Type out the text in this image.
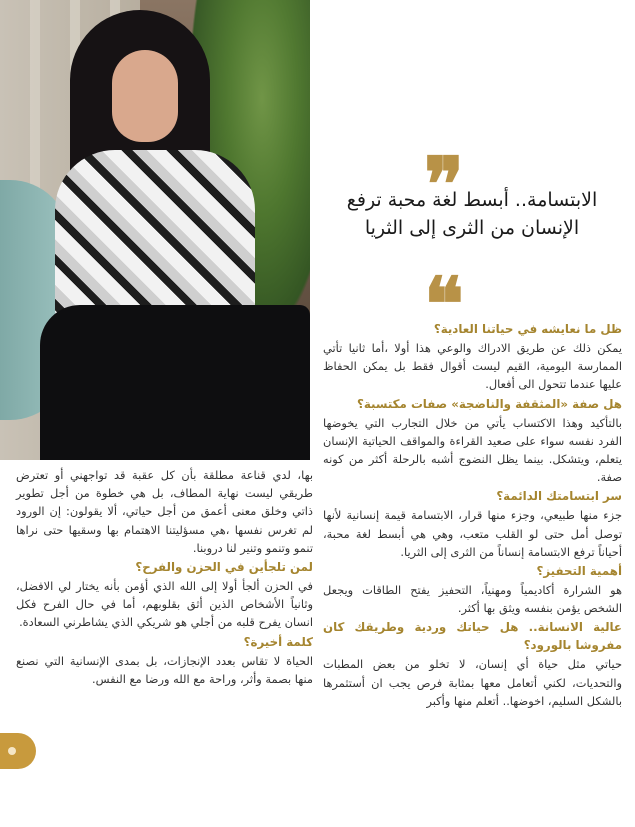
❞
الابتسامة.. أبسط لغة محبة ترفع الإنسان من الثرى إلى الثريا
❝
ظل ما نعايشه في حياتنا العادية؟

يمكن ذلك عن طريق الادراك والوعي هذا أولا ،أما ثانيا تأتي الممارسة اليومية، القيم ليست أقوال فقط بل يمكن الحفاظ عليها عندما تتحول الى أفعال.

هل صفة «المثقفة والناضجة» صفات مكتسبة؟

بالتأكيد وهذا الاكتساب يأتي من خلال التجارب التي يخوضها الفرد نفسه سواء على صعيد القراءة والمواقف الحياتية الإنسان يتعلم، ويتشكل. بينما يظل النضوج أشبه بالرحلة أكثر من كونه صفة.

سر ابتسامتك الدائمة؟

جزء منها طبيعي، وجزء منها قرار، الابتسامة قيمة إنسانية لأنها توصل أمل حتى لو القلب متعب، وهي هي أبسط لغة محبة، أحياناً ترفع الابتسامة إنساناً من الثرى إلى الثريا.

أهمية التحفيز؟

هو الشرارة أكاديمياً ومهنياً، التحفيز يفتح الطاقات ويجعل الشخص يؤمن بنفسه ويثق بها أكثر.

عالية الانسانة.. هل حياتك وردية وطريقك كان مفروشا بالورود؟

حياتي مثل حياة أي إنسان، لا تخلو من بعض المطبات والتحديات، لكني أتعامل معها بمثابة فرص يجب ان أستثمرها بالشكل السليم، اخوضها.. أتعلم منها وأكبر

بها، لدي قناعة مطلقة بأن كل عقبة قد تواجهني أو تعترض طريقي ليست نهاية المطاف، بل هي خطوة من أجل تطوير ذاتي وخلق معنى أعمق من أجل حياتي، ألا يقولون: إن الورود لم تغرس نفسها ،هي مسؤليتنا الاهتمام بها وسقيها حتى نراها تنمو وتنمو وتنير لنا دروبنا.

لمن تلجأين في الحزن والفرح؟

في الحزن ألجأ أولا إلى الله الذي أؤمن بأنه يختار لي الافضل، وثانياً الأشخاص الذين أثق بقلوبهم، أما في حال الفرح فكل انسان يفرح قلبه من أجلي هو شريكي الذي يشاطرني السعادة.

كلمة أخيرة؟

الحياة لا تقاس بعدد الإنجازات، بل بمدى الإنسانية التي نصنع منها بصمة وأثر، وراحة مع الله ورضا مع النفس.
